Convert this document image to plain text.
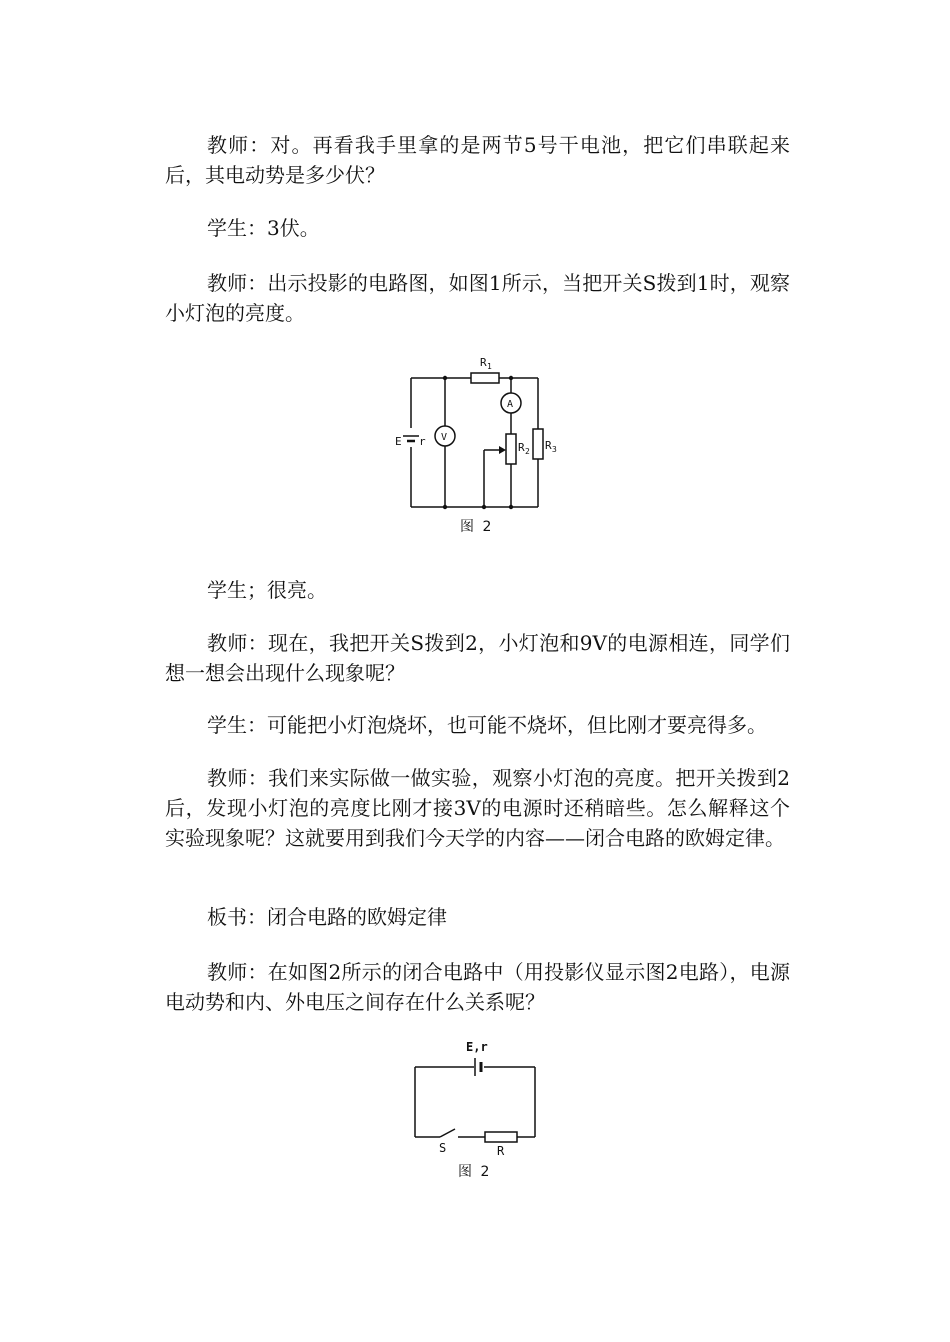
教师：对。再看我手里拿的是两节5号干电池，把它们串联起来后，其电动势是多少伏？

学生：3伏。

教师：出示投影的电路图，如图1所示，当把开关S拨到1时，观察小灯泡的亮度。

R 1
A
V
E r	R 2 R 3
图 2

学生；很亮。

教师：现在，我把开关S拨到2，小灯泡和9V的电源相连，同学们想一想会出现什么现象呢？

学生：可能把小灯泡烧坏，也可能不烧坏，但比刚才要亮得多。

教师：我们来实际做一做实验，观察小灯泡的亮度。把开关拨到2后，发现小灯泡的亮度比刚才接3V的电源时还稍暗些。怎么解释这个实验现象呢？这就要用到我们今天学的内容——闭合电路的欧姆定律。

板书：闭合电路的欧姆定律

教师：在如图2所示的闭合电路中（用投影仪显示图2电路），电源电动势和内、外电压之间存在什么关系呢？

E,r
S	R
图 2
